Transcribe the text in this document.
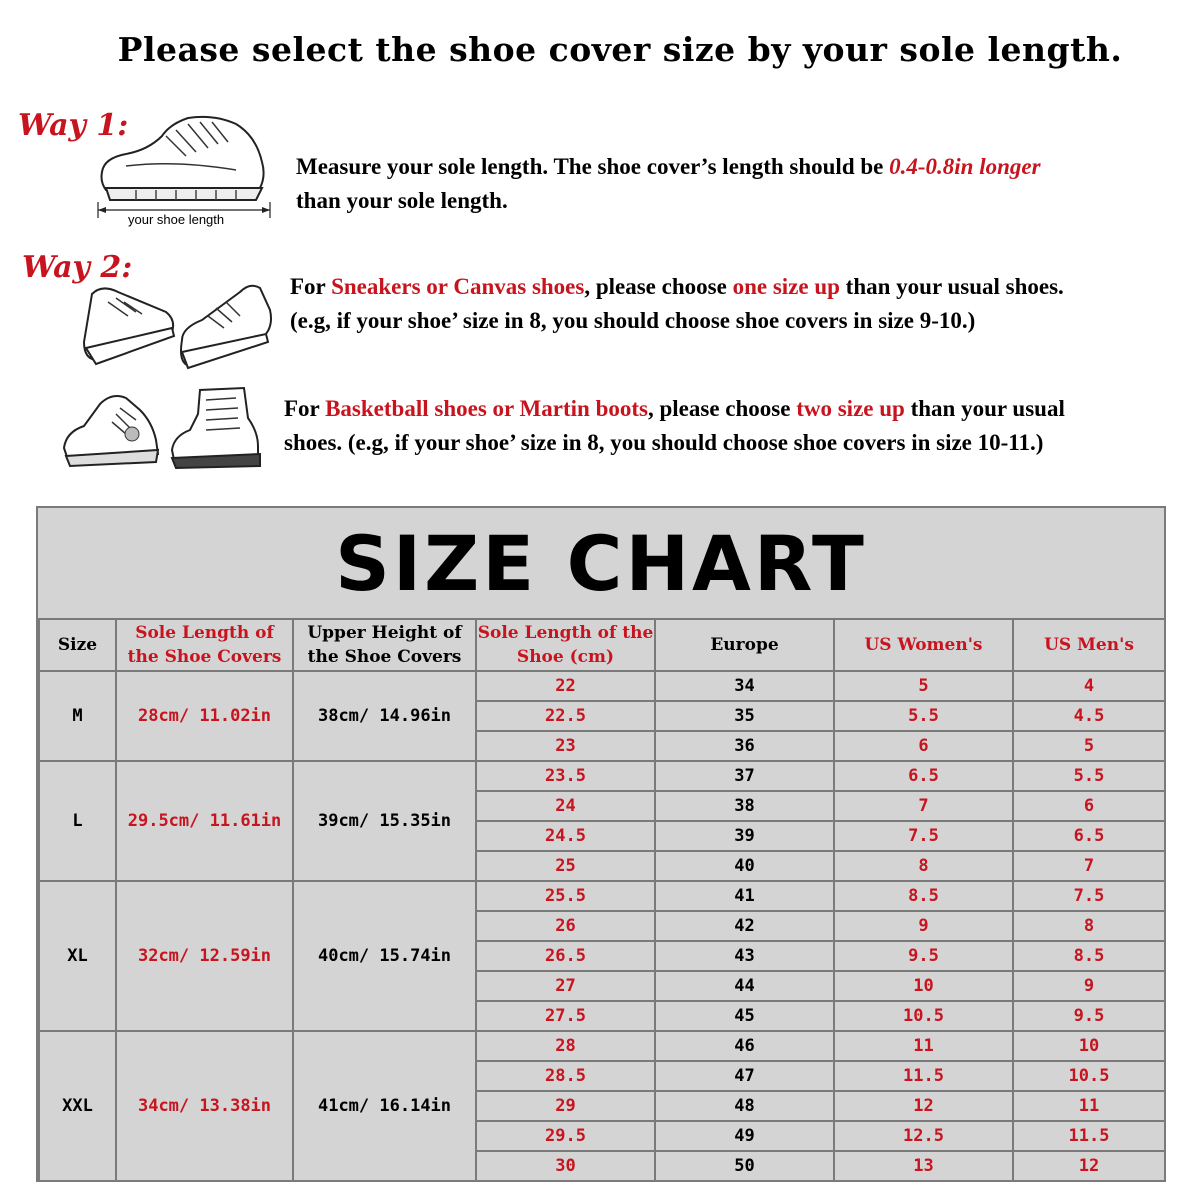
Please select the shoe cover size by your sole length.
Way 1:
your shoe length
Measure your sole length. The shoe cover’s length should be 0.4-0.8in longer
than your sole length.
Way 2:
For Sneakers or Canvas shoes, please choose one size up than your usual shoes.
(e.g, if your shoe’ size in 8, you should choose shoe covers in size 9-10.)
For Basketball shoes or Martin boots, please choose two size up than your usual
shoes. (e.g, if your shoe’ size in 8, you should choose shoe covers in size 10-11.)
SIZE CHART
Size	Sole Length of the Shoe Covers	Upper Height of the Shoe Covers	Sole Length of the Shoe (cm)	Europe	US Women's	US Men's
M	28cm/ 11.02in	38cm/ 14.96in	22	34	5	4
			22.5	35	5.5	4.5
			23	36	6	5
L	29.5cm/ 11.61in	39cm/ 15.35in	23.5	37	6.5	5.5
			24	38	7	6
			24.5	39	7.5	6.5
			25	40	8	7
XL	32cm/ 12.59in	40cm/ 15.74in	25.5	41	8.5	7.5
			26	42	9	8
			26.5	43	9.5	8.5
			27	44	10	9
			27.5	45	10.5	9.5
XXL	34cm/ 13.38in	41cm/ 16.14in	28	46	11	10
			28.5	47	11.5	10.5
			29	48	12	11
			29.5	49	12.5	11.5
			30	50	13	12
